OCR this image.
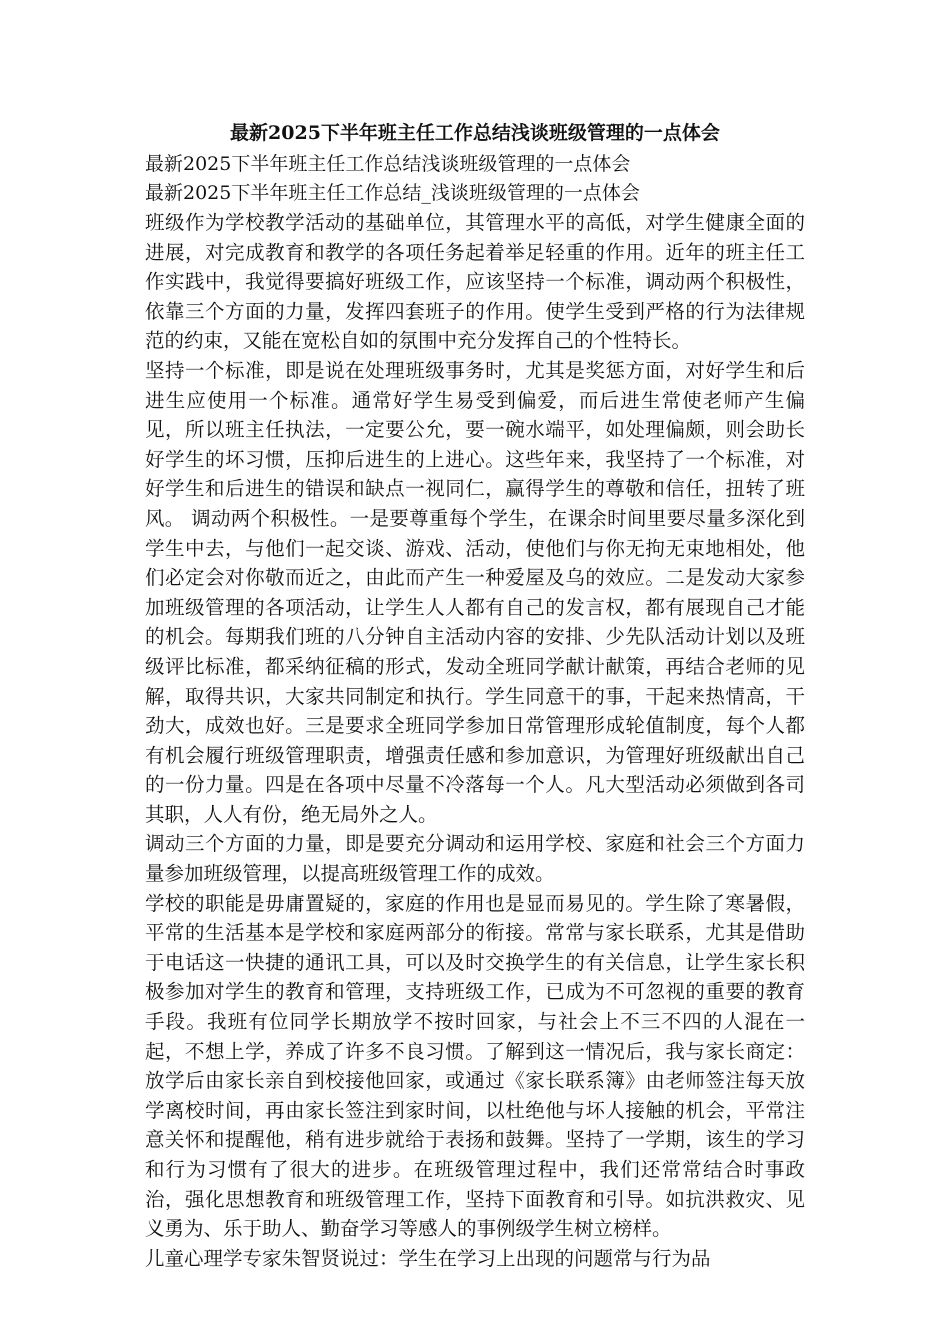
最新2025下半年班主任工作总结浅谈班级管理的一点体会
最新2025下半年班主任工作总结浅谈班级管理的一点体会
最新2025下半年班主任工作总结_浅谈班级管理的一点体会

班级作为学校教学活动的基础单位，其管理水平的高低，对学生健康全面的进展，对完成教育和教学的各项任务起着举足轻重的作用。近年的班主任工作实践中，我觉得要搞好班级工作，应该坚持一个标准，调动两个积极性，依靠三个方面的力量，发挥四套班子的作用。使学生受到严格的行为法律规范的约束，又能在宽松自如的氛围中充分发挥自己的个性特长。

坚持一个标准，即是说在处理班级事务时，尤其是奖惩方面，对好学生和后进生应使用一个标准。通常好学生易受到偏爱，而后进生常使老师产生偏见，所以班主任执法，一定要公允，要一碗水端平，如处理偏颇，则会助长好学生的坏习惯，压抑后进生的上进心。这些年来，我坚持了一个标准，对好学生和后进生的错误和缺点一视同仁，赢得学生的尊敬和信任，扭转了班风。 调动两个积极性。一是要尊重每个学生，在课余时间里要尽量多深化到学生中去，与他们一起交谈、游戏、活动，使他们与你无拘无束地相处，他们必定会对你敬而近之，由此而产生一种爱屋及乌的效应。二是发动大家参加班级管理的各项活动，让学生人人都有自己的发言权，都有展现自己才能的机会。每期我们班的八分钟自主活动内容的安排、少先队活动计划以及班级评比标准，都采纳征稿的形式，发动全班同学献计献策，再结合老师的见解，取得共识，大家共同制定和执行。学生同意干的事，干起来热情高，干劲大，成效也好。三是要求全班同学参加日常管理形成轮值制度，每个人都有机会履行班级管理职责，增强责任感和参加意识，为管理好班级献出自己的一份力量。四是在各项中尽量不冷落每一个人。凡大型活动必须做到各司其职，人人有份，绝无局外之人。

调动三个方面的力量，即是要充分调动和运用学校、家庭和社会三个方面力量参加班级管理，以提高班级管理工作的成效。

学校的职能是毋庸置疑的，家庭的作用也是显而易见的。学生除了寒暑假，平常的生活基本是学校和家庭两部分的衔接。常常与家长联系，尤其是借助于电话这一快捷的通讯工具，可以及时交换学生的有关信息，让学生家长积极参加对学生的教育和管理，支持班级工作，已成为不可忽视的重要的教育手段。我班有位同学长期放学不按时回家，与社会上不三不四的人混在一起，不想上学，养成了许多不良习惯。了解到这一情况后，我与家长商定：放学后由家长亲自到校接他回家，或通过《家长联系簿》由老师签注每天放学离校时间，再由家长签注到家时间，以杜绝他与坏人接触的机会，平常注意关怀和提醒他，稍有进步就给于表扬和鼓舞。坚持了一学期，该生的学习和行为习惯有了很大的进步。在班级管理过程中，我们还常常结合时事政治，强化思想教育和班级管理工作，坚持下面教育和引导。如抗洪救灾、见义勇为、乐于助人、勤奋学习等感人的事例级学生树立榜样。

儿童心理学专家朱智贤说过：学生在学习上出现的问题常与行为品
